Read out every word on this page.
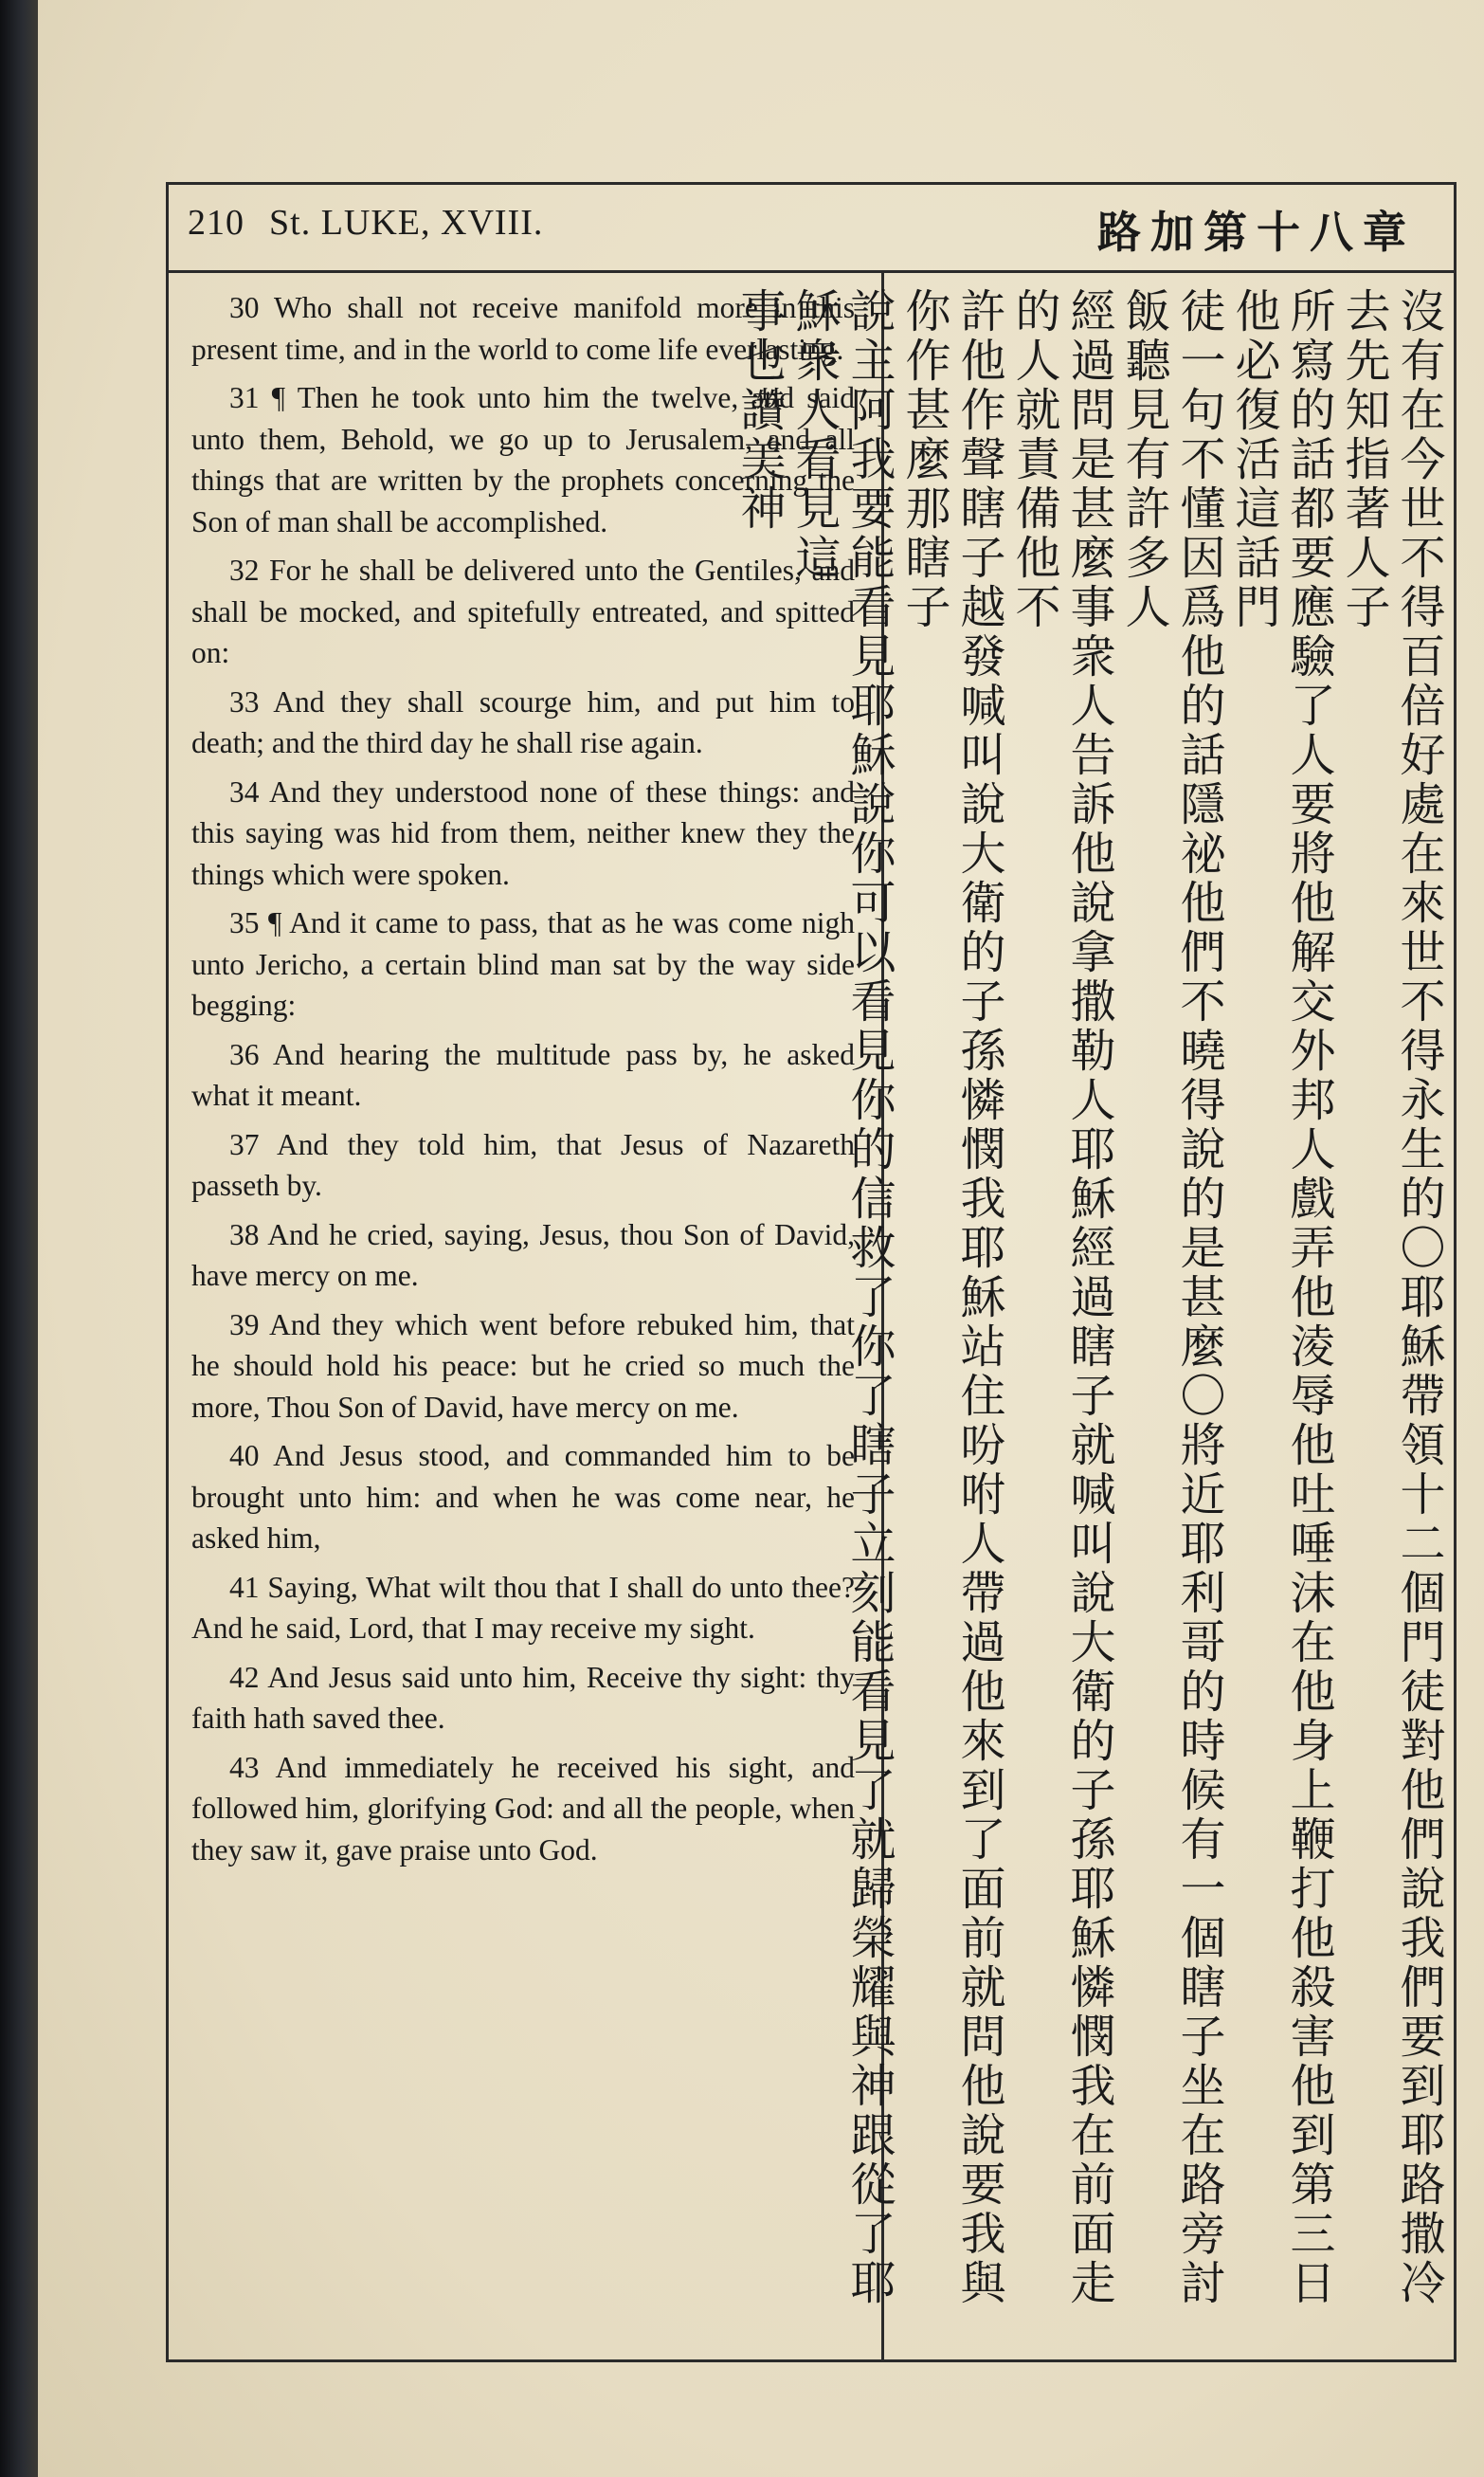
210 St. LUKE, XVIII.	路加第十八章

30 Who shall not receive manifold more in this present time, and in the world to come life everlasting.

31 ¶ Then he took unto him the twelve, and said unto them, Behold, we go up to Jerusalem, and all things that are written by the prophets concerning the Son of man shall be accomplished.

32 For he shall be delivered unto the Gentiles, and shall be mocked, and spitefully entreated, and spitted on:

33 And they shall scourge him, and put him to death; and the third day he shall rise again.

34 And they understood none of these things: and this saying was hid from them, neither knew they the things which were spoken.

35 ¶ And it came to pass, that as he was come nigh unto Jericho, a certain blind man sat by the way side begging:

36 And hearing the multitude pass by, he asked what it meant.

37 And they told him, that Jesus of Nazareth passeth by.

38 And he cried, saying, Jesus, thou Son of David, have mercy on me.

39 And they which went before rebuked him, that he should hold his peace: but he cried so much the more, Thou Son of David, have mercy on me.

40 And Jesus stood, and commanded him to be brought unto him: and when he was come near, he asked him,

41 Saying, What wilt thou that I shall do unto thee? And he said, Lord, that I may receive my sight.

42 And Jesus said unto him, Receive thy sight: thy faith hath saved thee.

43 And immediately he received his sight, and followed him, glorifying God: and all the people, when they saw it, gave praise unto God.	沒有在今世不得百倍好處在來世不得永生的〇耶穌帶領十二個門徒對他們說我們要到耶路撒冷去先知指著人子
所寫的話都要應驗了人要將他解交外邦人戲弄他淩辱他吐唾沫在他身上鞭打他殺害他到第三日他必復活這話門
徒一句不懂因爲他的話隱祕他們不曉得說的是甚麼〇將近耶利哥的時候有一個瞎子坐在路旁討飯聽見有許多人
經過問是甚麼事衆人告訴他說拿撒勒人耶穌經過瞎子就喊叫說大衛的子孫耶穌憐憫我在前面走的人就責備他不
許他作聲瞎子越發喊叫說大衛的子孫憐憫我耶穌站住吩咐人帶過他來到了面前就問他說要我與你作甚麼那瞎子
說主阿我要能看見耶穌說你可以看見你的信救了你了瞎子立刻能看見了就歸榮耀與神跟從了耶穌衆人看見這
事也讚美神
